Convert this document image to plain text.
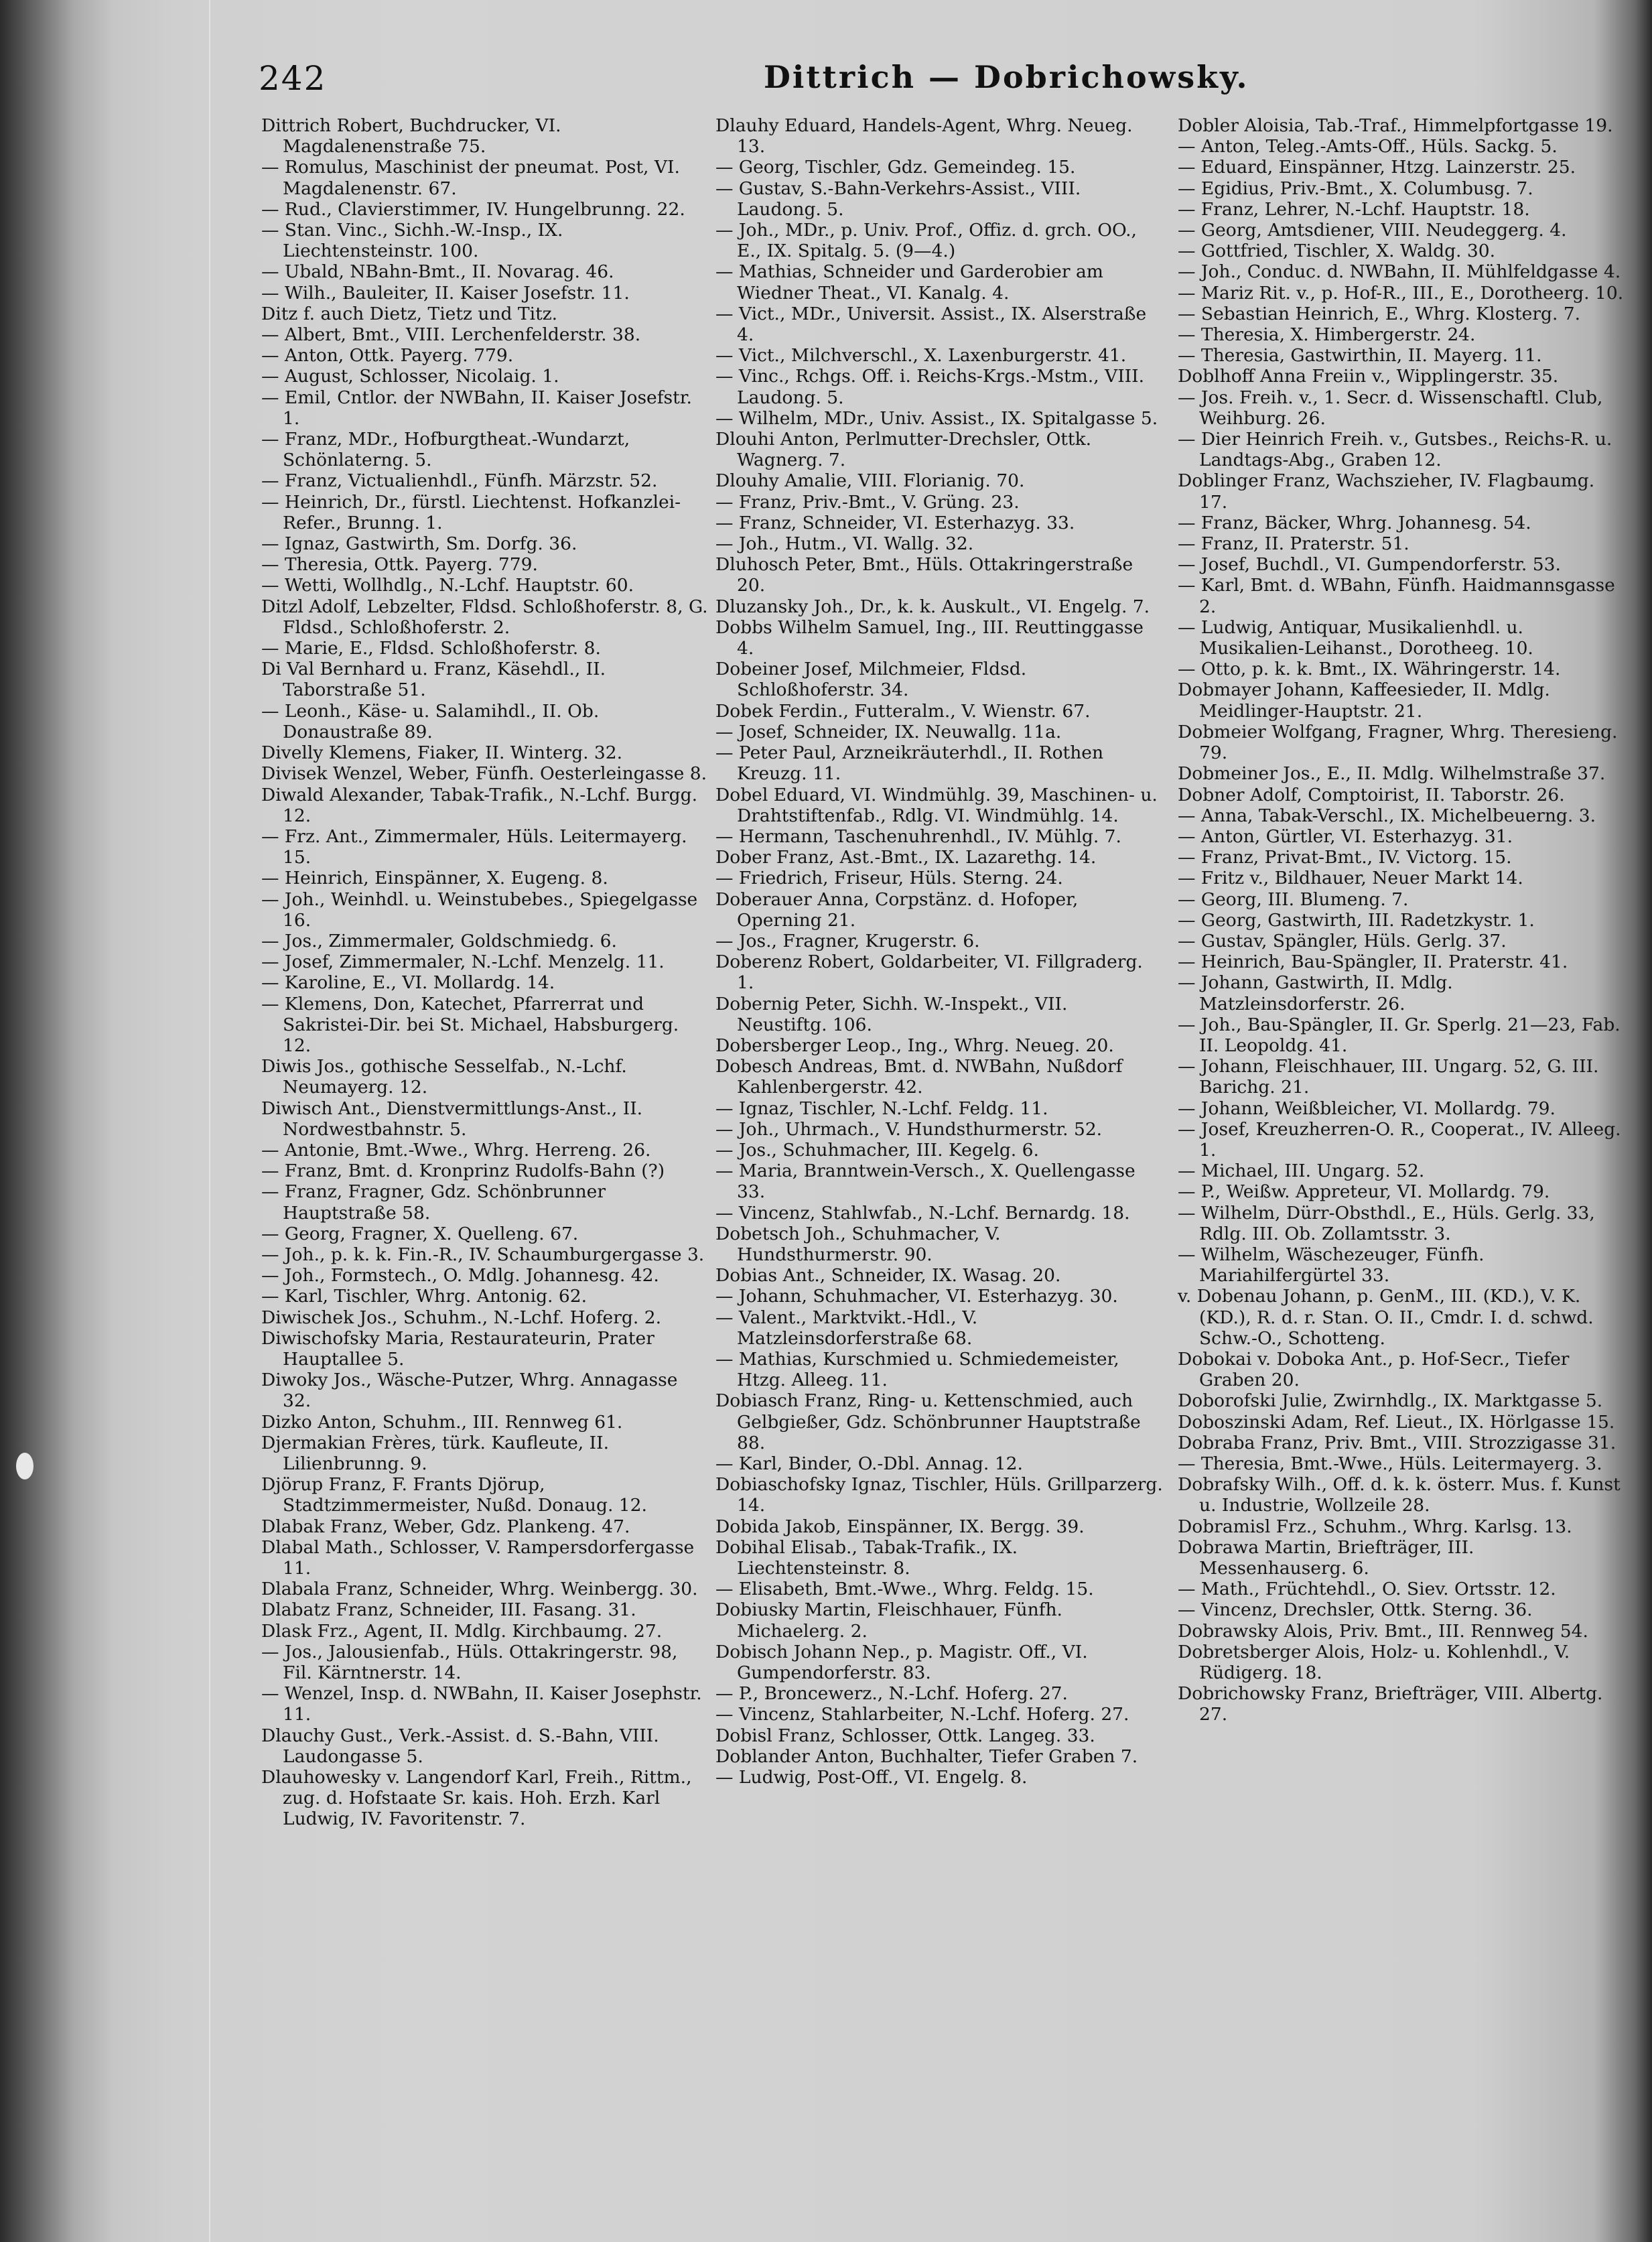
242	Dittrich — Dobrichowsky.

Dittrich Robert, Buchdrucker, VI. Magdalenenstraße 75.

— Romulus, Maschinist der pneumat. Post, VI. Magdalenenstr. 67.

— Rud., Clavierstimmer, IV. Hungelbrunng. 22.

— Stan. Vinc., Sichh.-W.-Insp., IX. Liechtensteinstr. 100.

— Ubald, NBahn-Bmt., II. Novarag. 46.

— Wilh., Bauleiter, II. Kaiser Josefstr. 11.

Ditz f. auch Dietz, Tietz und Titz.

— Albert, Bmt., VIII. Lerchenfelderstr. 38.

— Anton, Ottk. Payerg. 779.

— August, Schlosser, Nicolaig. 1.

— Emil, Cntlor. der NWBahn, II. Kaiser Josefstr. 1.

— Franz, MDr., Hofburgtheat.-Wundarzt, Schönlaterng. 5.

— Franz, Victualienhdl., Fünfh. Märzstr. 52.

— Heinrich, Dr., fürstl. Liechtenst. Hofkanzlei-Refer., Brunng. 1.

— Ignaz, Gastwirth, Sm. Dorfg. 36.

— Theresia, Ottk. Payerg. 779.

— Wetti, Wollhdlg., N.-Lchf. Hauptstr. 60.

Ditzl Adolf, Lebzelter, Fldsd. Schloßhoferstr. 8, G. Fldsd., Schloßhoferstr. 2.

— Marie, E., Fldsd. Schloßhoferstr. 8.

Di Val Bernhard u. Franz, Käsehdl., II. Taborstraße 51.

— Leonh., Käse- u. Salamihdl., II. Ob. Donaustraße 89.

Divelly Klemens, Fiaker, II. Winterg. 32.

Divisek Wenzel, Weber, Fünfh. Oesterleingasse 8.

Diwald Alexander, Tabak-Trafik., N.-Lchf. Burgg. 12.

— Frz. Ant., Zimmermaler, Hüls. Leitermayerg. 15.

— Heinrich, Einspänner, X. Eugeng. 8.

— Joh., Weinhdl. u. Weinstubebes., Spiegelgasse 16.

— Jos., Zimmermaler, Goldschmiedg. 6.

— Josef, Zimmermaler, N.-Lchf. Menzelg. 11.

— Karoline, E., VI. Mollardg. 14.

— Klemens, Don, Katechet, Pfarrerrat und Sakristei-Dir. bei St. Michael, Habsburgerg. 12.

Diwis Jos., gothische Sesselfab., N.-Lchf. Neumayerg. 12.

Diwisch Ant., Dienstvermittlungs-Anst., II. Nordwestbahnstr. 5.

— Antonie, Bmt.-Wwe., Whrg. Herreng. 26.

— Franz, Bmt. d. Kronprinz Rudolfs-Bahn (?)

— Franz, Fragner, Gdz. Schönbrunner Hauptstraße 58.

— Georg, Fragner, X. Quelleng. 67.

— Joh., p. k. k. Fin.-R., IV. Schaumburgergasse 3.

— Joh., Formstech., O. Mdlg. Johannesg. 42.

— Karl, Tischler, Whrg. Antonig. 62.

Diwischek Jos., Schuhm., N.-Lchf. Hoferg. 2.

Diwischofsky Maria, Restaurateurin, Prater Hauptallee 5.

Diwoky Jos., Wäsche-Putzer, Whrg. Annagasse 32.

Dizko Anton, Schuhm., III. Rennweg 61.

Djermakian Frères, türk. Kaufleute, II. Lilienbrunng. 9.

Djörup Franz, F. Frants Djörup, Stadtzimmermeister, Nußd. Donaug. 12.

Dlabak Franz, Weber, Gdz. Plankeng. 47.

Dlabal Math., Schlosser, V. Rampersdorfergasse 11.

Dlabala Franz, Schneider, Whrg. Weinbergg. 30.

Dlabatz Franz, Schneider, III. Fasang. 31.

Dlask Frz., Agent, II. Mdlg. Kirchbaumg. 27.

— Jos., Jalousienfab., Hüls. Ottakringerstr. 98, Fil. Kärntnerstr. 14.

— Wenzel, Insp. d. NWBahn, II. Kaiser Josephstr. 11.

Dlauchy Gust., Verk.-Assist. d. S.-Bahn, VIII. Laudongasse 5.

Dlauhowesky v. Langendorf Karl, Freih., Rittm., zug. d. Hofstaate Sr. kais. Hoh. Erzh. Karl Ludwig, IV. Favoritenstr. 7.

Dlauhy Eduard, Handels-Agent, Whrg. Neueg. 13.

— Georg, Tischler, Gdz. Gemeindeg. 15.

— Gustav, S.-Bahn-Verkehrs-Assist., VIII. Laudong. 5.

— Joh., MDr., p. Univ. Prof., Offiz. d. grch. OO., E., IX. Spitalg. 5. (9—4.)

— Mathias, Schneider und Garderobier am Wiedner Theat., VI. Kanalg. 4.

— Vict., MDr., Universit. Assist., IX. Alserstraße 4.

— Vict., Milchverschl., X. Laxenburgerstr. 41.

— Vinc., Rchgs. Off. i. Reichs-Krgs.-Mstm., VIII. Laudong. 5.

— Wilhelm, MDr., Univ. Assist., IX. Spitalgasse 5.

Dlouhi Anton, Perlmutter-Drechsler, Ottk. Wagnerg. 7.

Dlouhy Amalie, VIII. Florianig. 70.

— Franz, Priv.-Bmt., V. Grüng. 23.

— Franz, Schneider, VI. Esterhazyg. 33.

— Joh., Hutm., VI. Wallg. 32.

Dluhosch Peter, Bmt., Hüls. Ottakringerstraße 20.

Dluzansky Joh., Dr., k. k. Auskult., VI. Engelg. 7.

Dobbs Wilhelm Samuel, Ing., III. Reuttinggasse 4.

Dobeiner Josef, Milchmeier, Fldsd. Schloßhoferstr. 34.

Dobek Ferdin., Futteralm., V. Wienstr. 67.

— Josef, Schneider, IX. Neuwallg. 11a.

— Peter Paul, Arzneikräuterhdl., II. Rothen Kreuzg. 11.

Dobel Eduard, VI. Windmühlg. 39, Maschinen- u. Drahtstiftenfab., Rdlg. VI. Windmühlg. 14.

— Hermann, Taschenuhrenhdl., IV. Mühlg. 7.

Dober Franz, Ast.-Bmt., IX. Lazarethg. 14.

— Friedrich, Friseur, Hüls. Sterng. 24.

Doberauer Anna, Corpstänz. d. Hofoper, Operning 21.

— Jos., Fragner, Krugerstr. 6.

Doberenz Robert, Goldarbeiter, VI. Fillgraderg. 1.

Dobernig Peter, Sichh. W.-Inspekt., VII. Neustiftg. 106.

Dobersberger Leop., Ing., Whrg. Neueg. 20.

Dobesch Andreas, Bmt. d. NWBahn, Nußdorf Kahlenbergerstr. 42.

— Ignaz, Tischler, N.-Lchf. Feldg. 11.

— Joh., Uhrmach., V. Hundsthurmerstr. 52.

— Jos., Schuhmacher, III. Kegelg. 6.

— Maria, Branntwein-Versch., X. Quellengasse 33.

— Vincenz, Stahlwfab., N.-Lchf. Bernardg. 18.

Dobetsch Joh., Schuhmacher, V. Hundsthurmerstr. 90.

Dobias Ant., Schneider, IX. Wasag. 20.

— Johann, Schuhmacher, VI. Esterhazyg. 30.

— Valent., Marktvikt.-Hdl., V. Matzleinsdorferstraße 68.

— Mathias, Kurschmied u. Schmiedemeister, Htzg. Alleeg. 11.

Dobiasch Franz, Ring- u. Kettenschmied, auch Gelbgießer, Gdz. Schönbrunner Hauptstraße 88.

— Karl, Binder, O.-Dbl. Annag. 12.

Dobiaschofsky Ignaz, Tischler, Hüls. Grillparzerg. 14.

Dobida Jakob, Einspänner, IX. Bergg. 39.

Dobihal Elisab., Tabak-Trafik., IX. Liechtensteinstr. 8.

— Elisabeth, Bmt.-Wwe., Whrg. Feldg. 15.

Dobiusky Martin, Fleischhauer, Fünfh. Michaelerg. 2.

Dobisch Johann Nep., p. Magistr. Off., VI. Gumpendorferstr. 83.

— P., Broncewerz., N.-Lchf. Hoferg. 27.

— Vincenz, Stahlarbeiter, N.-Lchf. Hoferg. 27.

Dobisl Franz, Schlosser, Ottk. Langeg. 33.

Doblander Anton, Buchhalter, Tiefer Graben 7.

— Ludwig, Post-Off., VI. Engelg. 8.

Dobler Aloisia, Tab.-Traf., Himmelpfortgasse 19.

— Anton, Teleg.-Amts-Off., Hüls. Sackg. 5.

— Eduard, Einspänner, Htzg. Lainzerstr. 25.

— Egidius, Priv.-Bmt., X. Columbusg. 7.

— Franz, Lehrer, N.-Lchf. Hauptstr. 18.

— Georg, Amtsdiener, VIII. Neudeggerg. 4.

— Gottfried, Tischler, X. Waldg. 30.

— Joh., Conduc. d. NWBahn, II. Mühlfeldgasse 4.

— Mariz Rit. v., p. Hof-R., III., E., Dorotheerg. 10.

— Sebastian Heinrich, E., Whrg. Klosterg. 7.

— Theresia, X. Himbergerstr. 24.

— Theresia, Gastwirthin, II. Mayerg. 11.

Doblhoff Anna Freiin v., Wipplingerstr. 35.

— Jos. Freih. v., 1. Secr. d. Wissenschaftl. Club, Weihburg. 26.

— Dier Heinrich Freih. v., Gutsbes., Reichs-R. u. Landtags-Abg., Graben 12.

Doblinger Franz, Wachszieher, IV. Flagbaumg. 17.

— Franz, Bäcker, Whrg. Johannesg. 54.

— Franz, II. Praterstr. 51.

— Josef, Buchdl., VI. Gumpendorferstr. 53.

— Karl, Bmt. d. WBahn, Fünfh. Haidmannsgasse 2.

— Ludwig, Antiquar, Musikalienhdl. u. Musikalien-Leihanst., Dorotheeg. 10.

— Otto, p. k. k. Bmt., IX. Währingerstr. 14.

Dobmayer Johann, Kaffeesieder, II. Mdlg. Meidlinger-Hauptstr. 21.

Dobmeier Wolfgang, Fragner, Whrg. Theresieng. 79.

Dobmeiner Jos., E., II. Mdlg. Wilhelmstraße 37.

Dobner Adolf, Comptoirist, II. Taborstr. 26.

— Anna, Tabak-Verschl., IX. Michelbeuerng. 3.

— Anton, Gürtler, VI. Esterhazyg. 31.

— Franz, Privat-Bmt., IV. Victorg. 15.

— Fritz v., Bildhauer, Neuer Markt 14.

— Georg, III. Blumeng. 7.

— Georg, Gastwirth, III. Radetzkystr. 1.

— Gustav, Spängler, Hüls. Gerlg. 37.

— Heinrich, Bau-Spängler, II. Praterstr. 41.

— Johann, Gastwirth, II. Mdlg. Matzleinsdorferstr. 26.

— Joh., Bau-Spängler, II. Gr. Sperlg. 21—23, Fab. II. Leopoldg. 41.

— Johann, Fleischhauer, III. Ungarg. 52, G. III. Barichg. 21.

— Johann, Weißbleicher, VI. Mollardg. 79.

— Josef, Kreuzherren-O. R., Cooperat., IV. Alleeg. 1.

— Michael, III. Ungarg. 52.

— P., Weißw. Appreteur, VI. Mollardg. 79.

— Wilhelm, Dürr-Obsthdl., E., Hüls. Gerlg. 33, Rdlg. III. Ob. Zollamtsstr. 3.

— Wilhelm, Wäschezeuger, Fünfh. Mariahilfergürtel 33.

v. Dobenau Johann, p. GenM., III. (KD.), V. K. (KD.), R. d. r. Stan. O. II., Cmdr. I. d. schwd. Schw.-O., Schotteng.

Dobokai v. Doboka Ant., p. Hof-Secr., Tiefer Graben 20.

Doborofski Julie, Zwirnhdlg., IX. Marktgasse 5.

Doboszinski Adam, Ref. Lieut., IX. Hörlgasse 15.

Dobraba Franz, Priv. Bmt., VIII. Strozzigasse 31.

— Theresia, Bmt.-Wwe., Hüls. Leitermayerg. 3.

Dobrafsky Wilh., Off. d. k. k. österr. Mus. f. Kunst u. Industrie, Wollzeile 28.

Dobramisl Frz., Schuhm., Whrg. Karlsg. 13.

Dobrawa Martin, Briefträger, III. Messenhauserg. 6.

— Math., Früchtehdl., O. Siev. Ortsstr. 12.

— Vincenz, Drechsler, Ottk. Sterng. 36.

Dobrawsky Alois, Priv. Bmt., III. Rennweg 54.

Dobretsberger Alois, Holz- u. Kohlenhdl., V. Rüdigerg. 18.

Dobrichowsky Franz, Briefträger, VIII. Albertg. 27.
